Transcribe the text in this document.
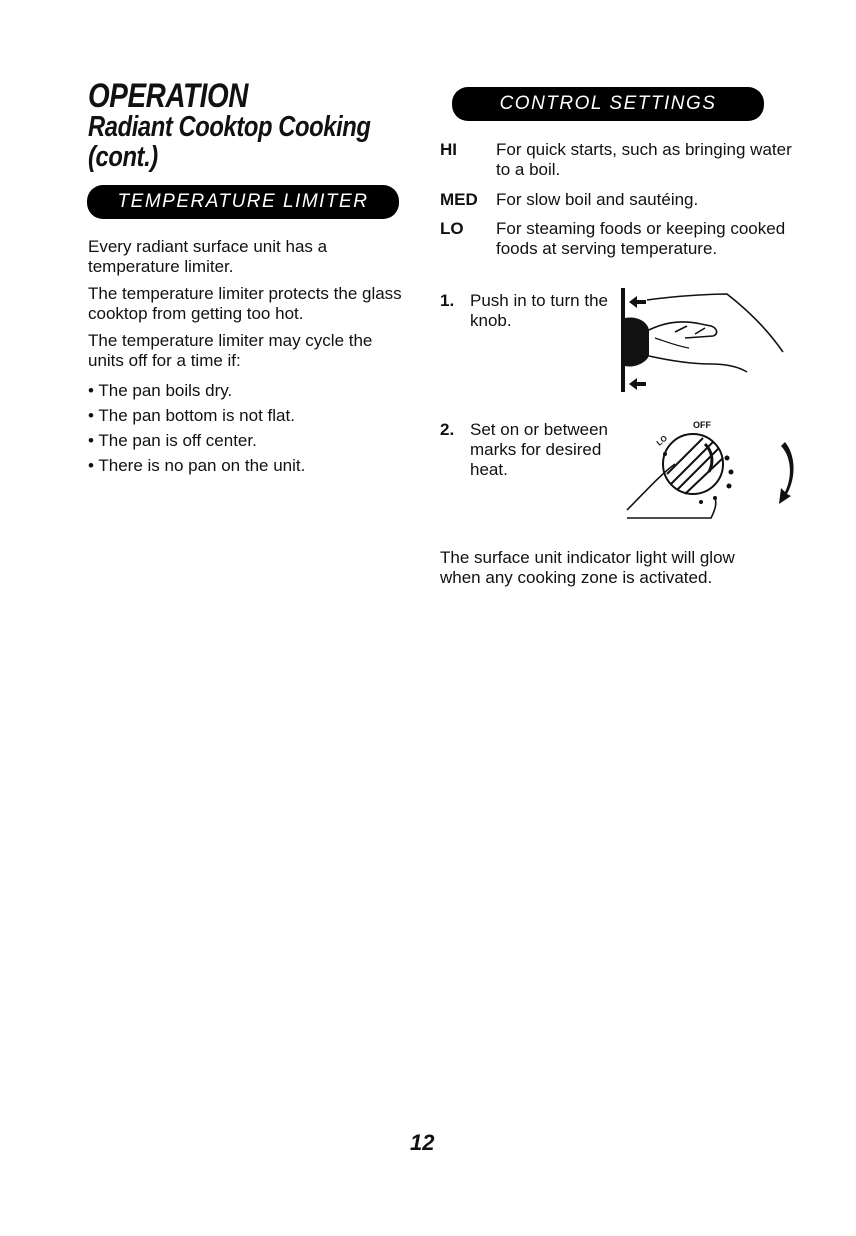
OPERATION
Radiant Cooktop Cooking
(cont.)
TEMPERATURE LIMITER

Every radiant surface unit has a temperature limiter.

The temperature limiter protects the glass cooktop from getting too hot.

The temperature limiter may cycle the units off for a time if:

• The pan boils dry.

• The pan bottom is not flat.

• The pan is off center.

• There is no pan on the unit.

CONTROL SETTINGS
HI For quick starts, such as bringing water to a boil.
MED For slow boil and sautéing.
LO For steaming foods or keeping cooked foods at serving temperature.
1. Push in to turn the knob.
2. Set on or between marks for desired heat.
OFF
LO
The surface unit indicator light will glow when any cooking zone is activated.
12
